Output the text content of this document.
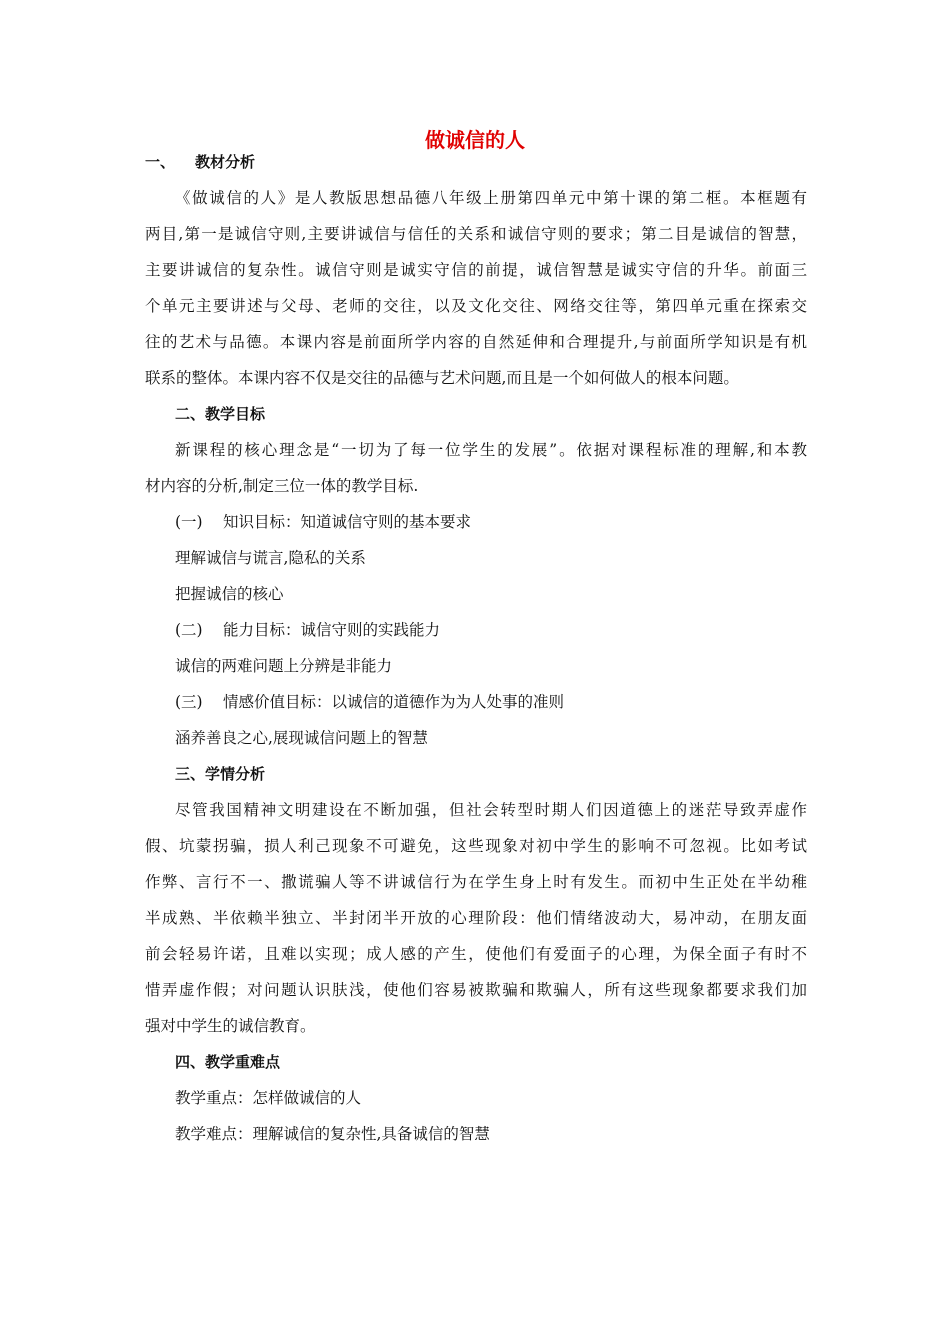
做诚信的人
一、 教材分析
《做诚信的人》是人教版思想品德八年级上册第四单元中第十课的第二框。本框题有
两目,第一是诚信守则,主要讲诚信与信任的关系和诚信守则的要求；第二目是诚信的智慧，
主要讲诚信的复杂性。诚信守则是诚实守信的前提，诚信智慧是诚实守信的升华。前面三
个单元主要讲述与父母、老师的交往，以及文化交往、网络交往等，第四单元重在探索交
往的艺术与品德。本课内容是前面所学内容的自然延伸和合理提升,与前面所学知识是有机
联系的整体。本课内容不仅是交往的品德与艺术问题,而且是一个如何做人的根本问题。
二、教学目标
新课程的核心理念是“一切为了每一位学生的发展”。依据对课程标准的理解,和本教
材内容的分析,制定三位一体的教学目标.
(一) 知识目标：知道诚信守则的基本要求
理解诚信与谎言,隐私的关系
把握诚信的核心
(二) 能力目标：诚信守则的实践能力
诚信的两难问题上分辨是非能力
(三) 情感价值目标：以诚信的道德作为为人处事的准则
涵养善良之心,展现诚信问题上的智慧
三、学情分析
尽管我国精神文明建设在不断加强，但社会转型时期人们因道德上的迷茫导致弄虚作
假、坑蒙拐骗，损人利己现象不可避免，这些现象对初中学生的影响不可忽视。比如考试
作弊、言行不一、撒谎骗人等不讲诚信行为在学生身上时有发生。而初中生正处在半幼稚
半成熟、半依赖半独立、半封闭半开放的心理阶段：他们情绪波动大，易冲动，在朋友面
前会轻易许诺，且难以实现；成人感的产生，使他们有爱面子的心理，为保全面子有时不
惜弄虚作假；对问题认识肤浅，使他们容易被欺骗和欺骗人，所有这些现象都要求我们加
强对中学生的诚信教育。
四、教学重难点
教学重点：怎样做诚信的人
教学难点：理解诚信的复杂性,具备诚信的智慧
